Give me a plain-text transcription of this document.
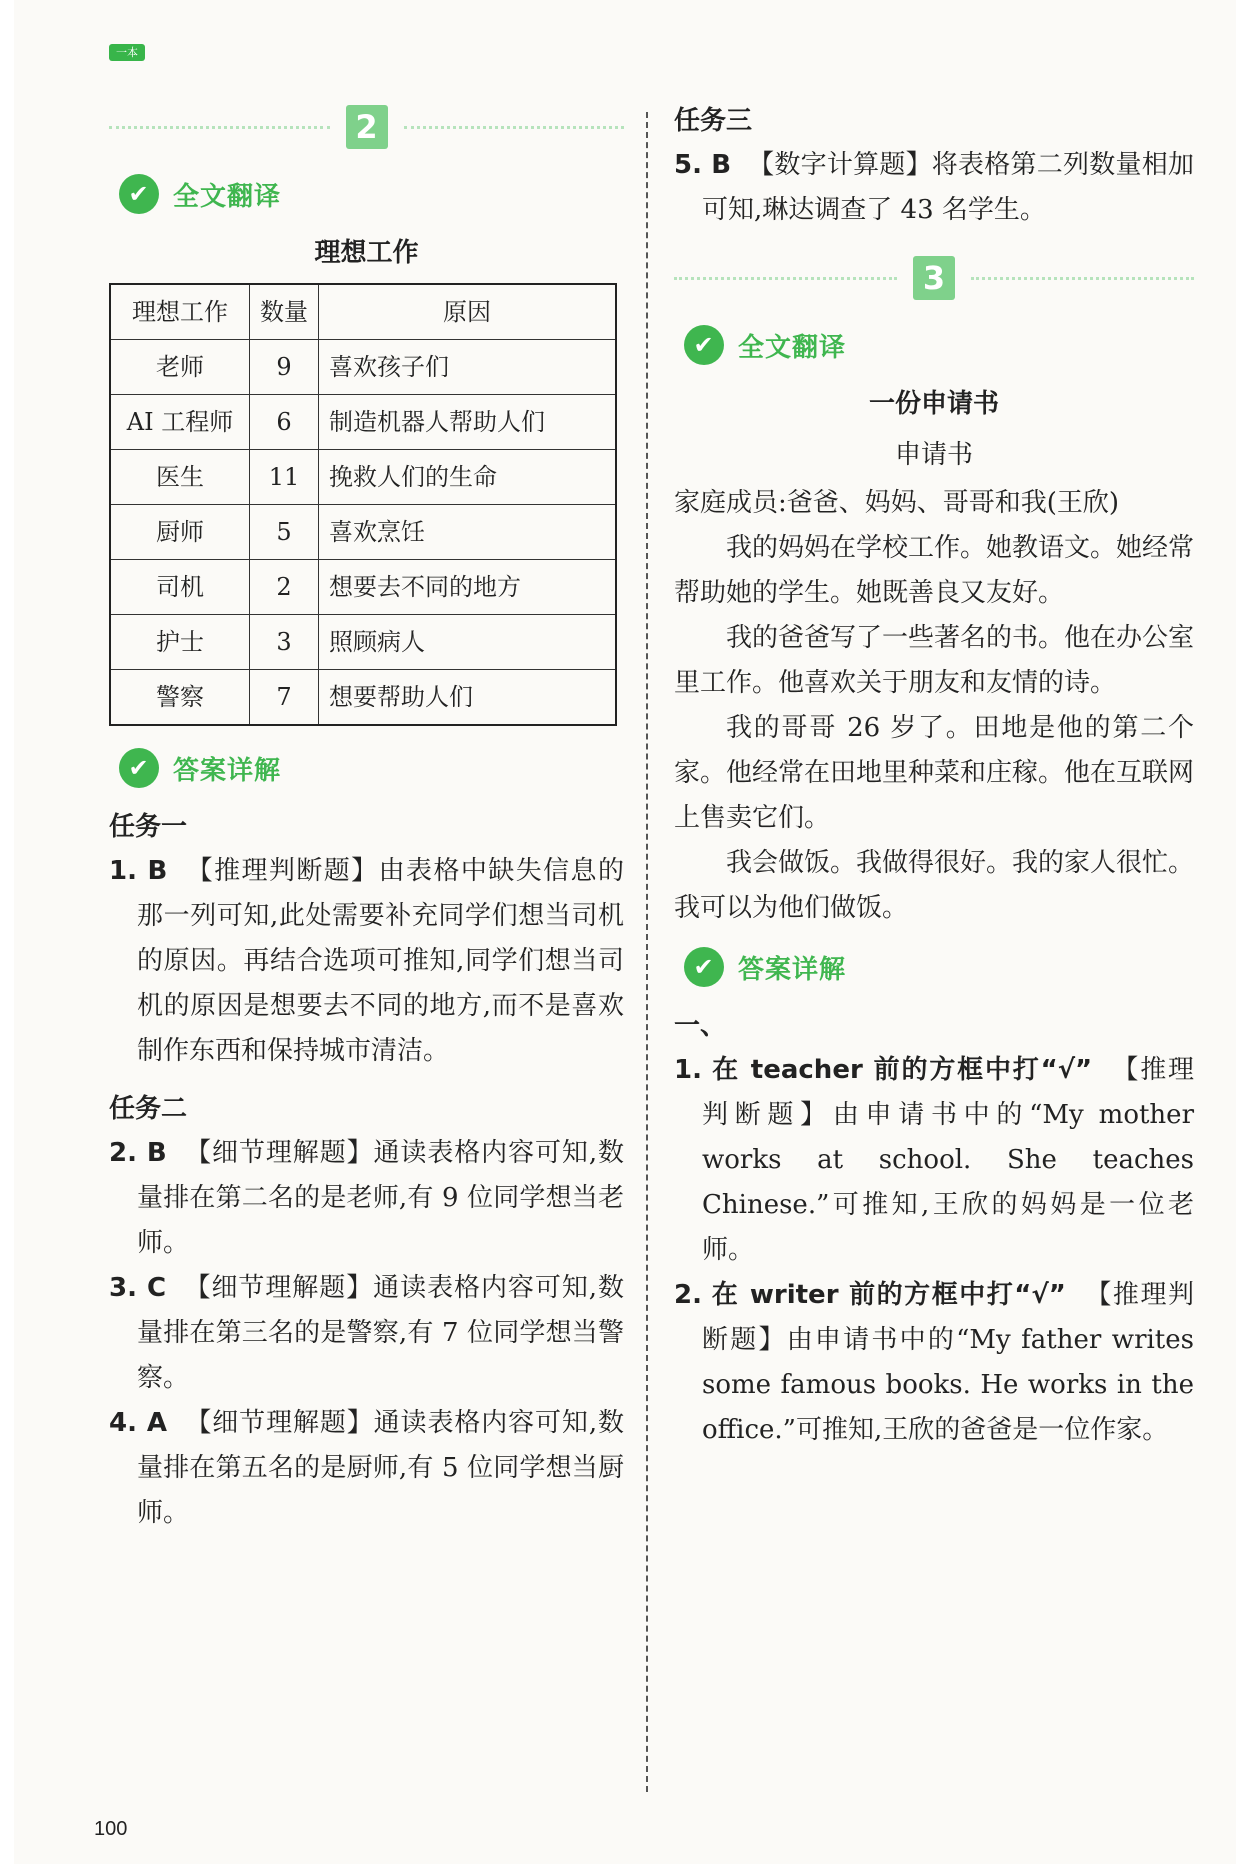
一本
2
✔ 全文翻译
理想工作
理想工作	数量	原因
老师	9	喜欢孩子们
AI 工程师	6	制造机器人帮助人们
医生	11	挽救人们的生命
厨师	5	喜欢烹饪
司机	2	想要去不同的地方
护士	3	照顾病人
警察	7	想要帮助人们
✔ 答案详解
任务一

1. B 【推理判断题】由表格中缺失信息的那一列可知,此处需要补充同学们想当司机的原因。再结合选项可推知,同学们想当司机的原因是想要去不同的地方,而不是喜欢制作东西和保持城市清洁。

任务二

2. B 【细节理解题】通读表格内容可知,数量排在第二名的是老师,有 9 位同学想当老师。

3. C 【细节理解题】通读表格内容可知,数量排在第三名的是警察,有 7 位同学想当警察。

4. A 【细节理解题】通读表格内容可知,数量排在第五名的是厨师,有 5 位同学想当厨师。

任务三

5. B 【数字计算题】将表格第二列数量相加可知,琳达调查了 43 名学生。

3
✔ 全文翻译
一份申请书
申请书

家庭成员:爸爸、妈妈、哥哥和我(王欣)

我的妈妈在学校工作。她教语文。她经常帮助她的学生。她既善良又友好。

我的爸爸写了一些著名的书。他在办公室里工作。他喜欢关于朋友和友情的诗。

我的哥哥 26 岁了。田地是他的第二个家。他经常在田地里种菜和庄稼。他在互联网上售卖它们。

我会做饭。我做得很好。我的家人很忙。我可以为他们做饭。

✔ 答案详解
一、

1. 在 teacher 前的方框中打“√” 【推理判断题】由申请书中的“My mother works at school. She teaches Chinese.”可推知,王欣的妈妈是一位老师。

2. 在 writer 前的方框中打“√” 【推理判断题】由申请书中的“My father writes some famous books. He works in the office.”可推知,王欣的爸爸是一位作家。

100
